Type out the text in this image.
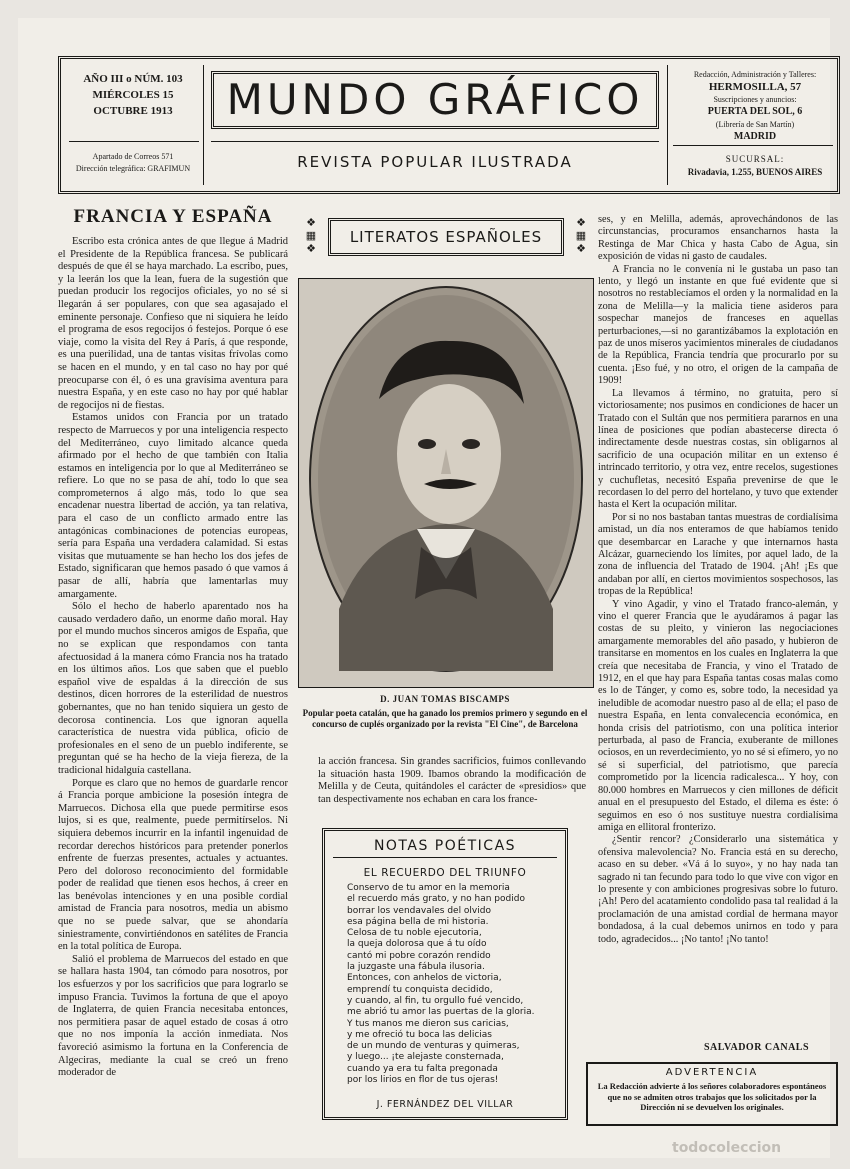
AÑO III o NÚM. 103
MIÉRCOLES 15
OCTUBRE 1913
Apartado de Correos 571
Dirección telegráfica: GRAFIMUN
MUNDO GRÁFICO
REVISTA POPULAR ILUSTRADA
Redacción, Administración y Talleres:
HERMOSILLA, 57
Suscripciones y anuncios:
PUERTA DEL SOL, 6
(Librería de San Martín)
MADRID
SUCURSAL:
Rivadavia, 1.255, BUENOS AIRES
FRANCIA Y ESPAÑA

Escribo esta crónica antes de que llegue á Madrid el Presidente de la República francesa. Se publicará después de que él se haya marchado. La escribo, pues, y la leerán los que la lean, fuera de la sugestión que puedan producir los regocijos oficiales, yo no sé si llegarán á ser populares, con que sea agasajado el eminente personaje. Confieso que ni siquiera he leído el programa de esos regocijos ó festejos. Porque ó ese viaje, como la visita del Rey á París, á que responde, es una puerilidad, una de tantas visitas frívolas como se hacen en el mundo, y en tal caso no hay por qué preocuparse con él, ó es una gravísima aventura para nuestra España, y en este caso no hay por qué hablar de regocijos ni de fiestas.

Estamos unidos con Francia por un tratado respecto de Marruecos y por una inteligencia respecto del Mediterráneo, cuyo limitado alcance queda afirmado por el hecho de que también con Italia estamos en inteligencia por lo que al Mediterráneo se refiere. Lo que no se pasa de ahí, todo lo que sea comprometernos á algo más, todo lo que sea encadenar nuestra libertad de acción, ya tan relativa, para el caso de un conflicto armado entre las antagónicas combinaciones de potencias europeas, sería para España una verdadera calamidad. Si estas visitas que mutuamente se han hecho los dos jefes de Estado, significaran que hemos pasado ó que vamos á pasar de allí, habría que lamentarlas muy amargamente.

Sólo el hecho de haberlo aparentado nos ha causado verdadero daño, un enorme daño moral. Hay por el mundo muchos sinceros amigos de España, que no se explican que respondamos con tanta afectuosidad á la manera cómo Francia nos ha tratado en los últimos años. Los que saben que el pueblo español vive de espaldas á la dirección de sus destinos, dicen horrores de la esterilidad de nuestros gobernantes, que no han tenido siquiera un gesto de decorosa continencia. Los que ignoran aquella característica de nuestra vida pública, oficio de profesionales en el seno de un pueblo indiferente, se preguntan qué se ha hecho de la vieja fiereza, de la tradicional hidalguía castellana.

Porque es claro que no hemos de guardarle rencor á Francia porque ambicione la posesión íntegra de Marruecos. Dichosa ella que puede permitirse esos lujos, si es que, realmente, puede permitírselos. Ni siquiera debemos incurrir en la infantil ingenuidad de recordar derechos históricos para pretender ponerlos enfrente de fuerzas presentes, actuales y actuantes. Pero del doloroso reconocimiento del formidable poder de realidad que tienen esos hechos, á creer en las benévolas intenciones y en una posible cordial amistad de Francia para nosotros, media un abismo que no se puede salvar, que se ahondaría siniestramente, convirtiéndonos en satélites de Francia en la total política de Europa.

Salió el problema de Marruecos del estado en que se hallara hasta 1904, tan cómodo para nosotros, por los esfuerzos y por los sacrificios que para lograrlo se impuso Francia. Tuvimos la fortuna de que el apoyo de Inglaterra, de quien Francia necesitaba entonces, nos permitiera pasar de aquel estado de cosas á otro que no nos imponía la acción inmediata. Nos favoreció asimismo la fortuna en la Conferencia de Algeciras, mediante la cual se creó un freno moderador de

❖
▦
❖
LITERATOS ESPAÑOLES
❖
▦
❖
D. JUAN TOMAS BISCAMPS
Popular poeta catalán, que ha ganado los premios primero y segundo en el concurso de cuplés organizado por la revista "El Cine", de Barcelona

la acción francesa. Sin grandes sacrificios, fuimos conllevando la situación hasta 1909. Ibamos obrando la modificación de Melilla y de Ceuta, quitándoles el carácter de «presidios» que tan despectivamente nos echaban en cara los france-

NOTAS POÉTICAS
EL RECUERDO DEL TRIUNFO
Conservo de tu amor en la memoria
el recuerdo más grato, y no han podido
borrar los vendavales del olvido
esa página bella de mi historia.
Celosa de tu noble ejecutoria,
la queja dolorosa que á tu oído
cantó mi pobre corazón rendido
la juzgaste una fábula ilusoria.
Entonces, con anhelos de victoria,
emprendí tu conquista decidido,
y cuando, al fin, tu orgullo fué vencido,
me abrió tu amor las puertas de la gloria.
Y tus manos me dieron sus caricias,
y me ofreció tu boca las delicias
de un mundo de venturas y quimeras,
y luego... ¡te alejaste consternada,
cuando ya era tu falta pregonada
por los lirios en flor de tus ojeras!
J. FERNÁNDEZ DEL VILLAR

ses, y en Melilla, además, aprovechándonos de las circunstancias, procuramos ensancharnos hasta la Restinga de Mar Chica y hasta Cabo de Agua, sin exposición de vidas ni gasto de caudales.

A Francia no le convenía ni le gustaba un paso tan lento, y llegó un instante en que fué evidente que si nosotros no restablecíamos el orden y la normalidad en la zona de Melilla—y la malicia tiene asideros para sospechar manejos de franceses en aquellas perturbaciones,—si no garantizábamos la explotación en paz de unos míseros yacimientos minerales de ciudadanos de la República, Francia tendría que procurarlo por su cuenta. ¡Eso fué, y no otro, el origen de la campaña de 1909!

La llevamos á término, no gratuita, pero sí victoriosamente; nos pusimos en condiciones de hacer un Tratado con el Sultán que nos permitiera pararnos en una línea de posiciones que podían abastecerse directa ó indirectamente desde nuestras costas, sin obligarnos al sacrificio de una ocupación militar en un extenso é intrincado territorio, y otra vez, entre recelos, sugestiones y cuchufletas, necesitó España prevenirse de que le recordasen lo del perro del hortelano, y tuvo que extender hasta el Kert la ocupación militar.

Por si no nos bastaban tantas muestras de cordialísima amistad, un día nos enteramos de que habíamos tenido que desembarcar en Larache y que internarnos hasta Alcázar, guarneciendo los límites, por aquel lado, de la zona de influencia del Tratado de 1904. ¡Ah! ¡Es que andaban por allí, en ciertos movimientos sospechosos, las tropas de la República!

Y vino Agadir, y vino el Tratado franco-alemán, y vino el querer Francia que le ayudáramos á pagar las costas de su pleito, y vinieron las negociaciones amargamente memorables del año pasado, y hubieron de transitarse en momentos en los cuales en Inglaterra la que creía que necesitaba de Francia, y vino el Tratado de 1912, en el que hay para España tantas cosas malas como es lo de Tánger, y como es, sobre todo, la necesidad ya ineludible de acomodar nuestro paso al de ella; el paso de nuestra España, en lenta convalecencia económica, en honda crisis del patriotismo, con una política interior perturbada, al paso de Francia, exuberante de millones ociosos, en un reverdecimiento, yo no sé si efímero, yo no sé si superficial, del patriotismo, que parecía comprometido por la licencia radicalesca... Y hoy, con 80.000 hombres en Marruecos y cien millones de déficit anual en el presupuesto del Estado, el dilema es éste: ó seguimos en eso ó nos sustituye nuestra cordialísima amiga en ellitoral fronterizo.

¿Sentir rencor? ¿Considerarlo una sistemática y ofensiva malevolencia? No. Francia está en su derecho, acaso en su deber. «Vá á lo suyo», y no hay nada tan sagrado ni tan fecundo para todo lo que vive con vigor en lo presente y con ambiciones progresivas sobre lo futuro. ¡Ah! Pero del acatamiento condolido pasa tal realidad á la proclamación de una amistad cordial de hermana mayor bondadosa, á la cual debemos unirnos en todo y para todo, agradecidos... ¡No tanto! ¡No tanto!

SALVADOR CANALS
ADVERTENCIA
La Redacción advierte á los señores colaboradores espontáneos que no se admiten otros trabajos que los solicitados por la Dirección ni se devuelven los originales.
todocoleccion
